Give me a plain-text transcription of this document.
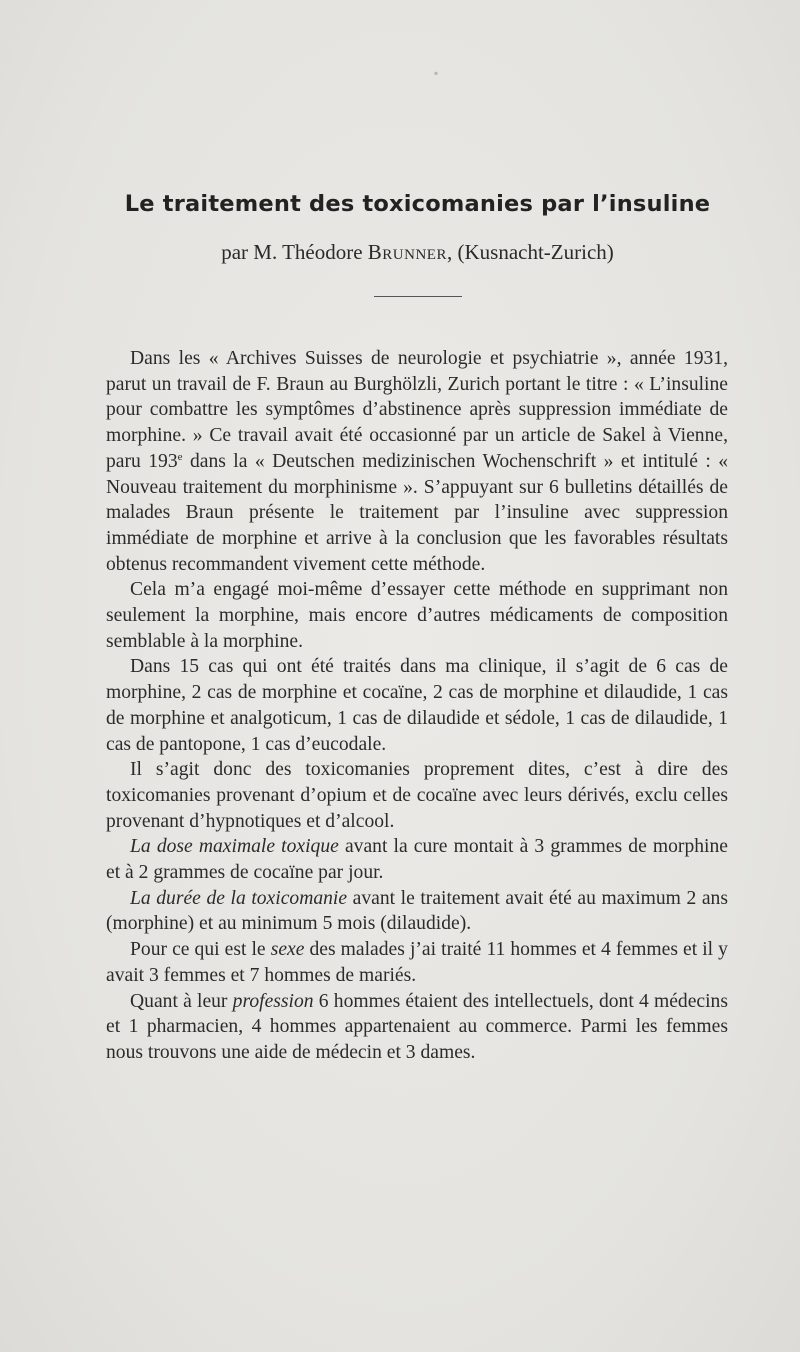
Le traitement des toxicomanies par l’insuline
par M. Théodore Brunner, (Kusnacht-Zurich)

Dans les « Archives Suisses de neurologie et psychiatrie », année 1931, parut un travail de F. Braun au Burghölzli, Zurich portant le titre : « L’insuline pour combattre les symptômes d’abstinence après suppression immédiate de morphine. » Ce travail avait été occasionné par un article de Sakel à Vienne, paru 193e dans la « Deutschen medizinischen Wochenschrift » et intitulé : « Nouveau traitement du morphinisme ». S’appuyant sur 6 bulletins détaillés de malades Braun présente le traitement par l’insuline avec suppression immédiate de morphine et arrive à la conclusion que les favorables résultats obtenus recommandent vivement cette méthode.

Cela m’a engagé moi-même d’essayer cette méthode en supprimant non seulement la morphine, mais encore d’autres médicaments de composition semblable à la morphine.

Dans 15 cas qui ont été traités dans ma clinique, il s’agit de 6 cas de morphine, 2 cas de morphine et cocaïne, 2 cas de morphine et dilaudide, 1 cas de morphine et analgoticum, 1 cas de dilaudide et sédole, 1 cas de dilaudide, 1 cas de pantopone, 1 cas d’eucodale.

Il s’agit donc des toxicomanies proprement dites, c’est à dire des toxicomanies provenant d’opium et de cocaïne avec leurs dérivés, exclu celles provenant d’hypnotiques et d’alcool.

La dose maximale toxique avant la cure montait à 3 grammes de morphine et à 2 grammes de cocaïne par jour.

La durée de la toxicomanie avant le traitement avait été au maximum 2 ans (morphine) et au minimum 5 mois (dilaudide).

Pour ce qui est le sexe des malades j’ai traité 11 hommes et 4 femmes et il y avait 3 femmes et 7 hommes de mariés.

Quant à leur profession 6 hommes étaient des intellectuels, dont 4 médecins et 1 pharmacien, 4 hommes appartenaient au commerce. Parmi les femmes nous trouvons une aide de médecin et 3 dames.

▪
